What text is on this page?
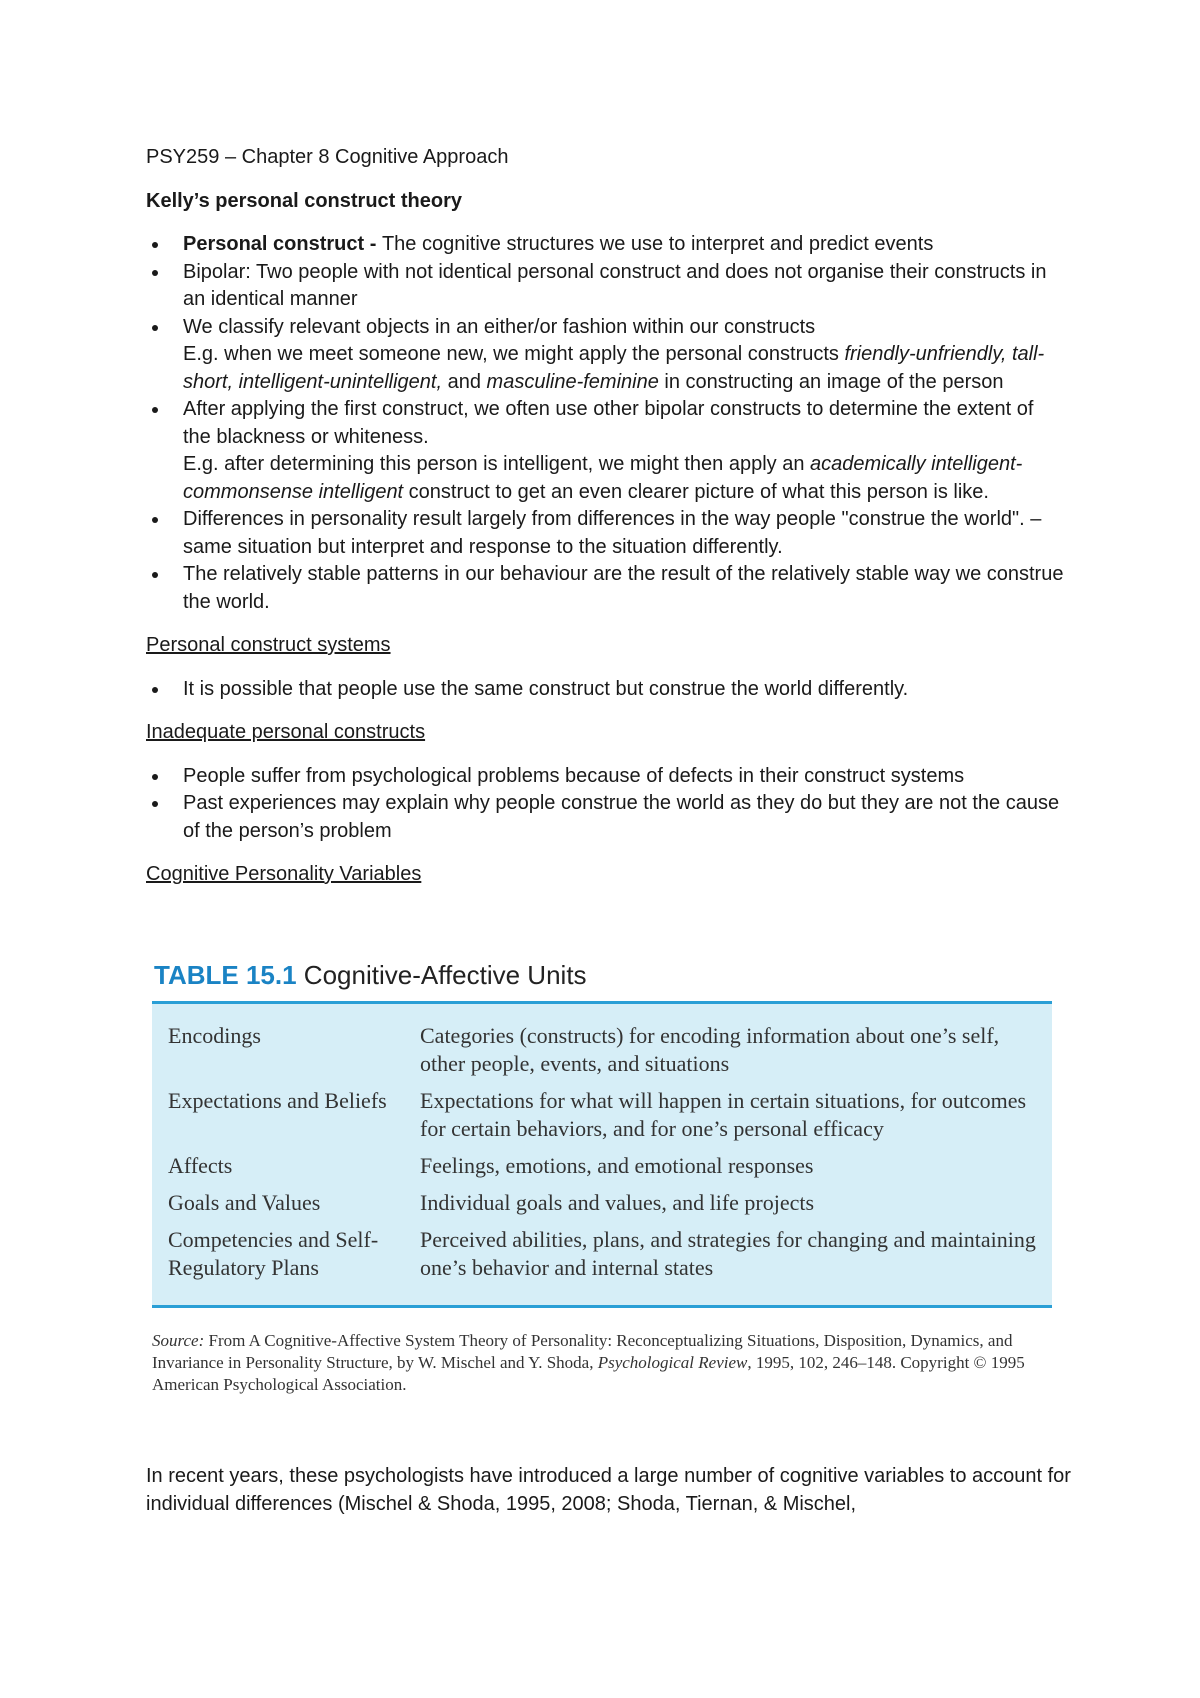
PSY259 – Chapter 8 Cognitive Approach
Kelly’s personal construct theory
Personal construct - The cognitive structures we use to interpret and predict events
Bipolar: Two people with not identical personal construct and does not organise their constructs in an identical manner
We classify relevant objects in an either/or fashion within our constructs
E.g. when we meet someone new, we might apply the personal constructs friendly-unfriendly, tall-short, intelligent-unintelligent, and masculine-feminine in constructing an image of the person
After applying the first construct, we often use other bipolar constructs to determine the extent of the blackness or whiteness.
E.g. after determining this person is intelligent, we might then apply an academically intelligent-commonsense intelligent construct to get an even clearer picture of what this person is like.
Differences in personality result largely from differences in the way people "construe the world". – same situation but interpret and response to the situation differently.
The relatively stable patterns in our behaviour are the result of the relatively stable way we construe the world.
Personal construct systems
It is possible that people use the same construct but construe the world differently.
Inadequate personal constructs
People suffer from psychological problems because of defects in their construct systems
Past experiences may explain why people construe the world as they do but they are not the cause of the person’s problem
Cognitive Personality Variables
TABLE 15.1 Cognitive-Affective Units
Encodings	Categories (constructs) for encoding information about one’s self, other people, events, and situations
Expectations and Beliefs	Expectations for what will happen in certain situations, for outcomes for certain behaviors, and for one’s personal efficacy
Affects	Feelings, emotions, and emotional responses
Goals and Values	Individual goals and values, and life projects
Competencies and Self-Regulatory Plans	Perceived abilities, plans, and strategies for changing and maintaining one’s behavior and internal states
Source: From A Cognitive-Affective System Theory of Personality: Reconceptualizing Situations, Disposition, Dynamics, and Invariance in Personality Structure, by W. Mischel and Y. Shoda, Psychological Review, 1995, 102, 246–148. Copyright © 1995 American Psychological Association.
In recent years, these psychologists have introduced a large number of cognitive variables to account for individual differences (Mischel & Shoda, 1995, 2008; Shoda, Tiernan, & Mischel,
